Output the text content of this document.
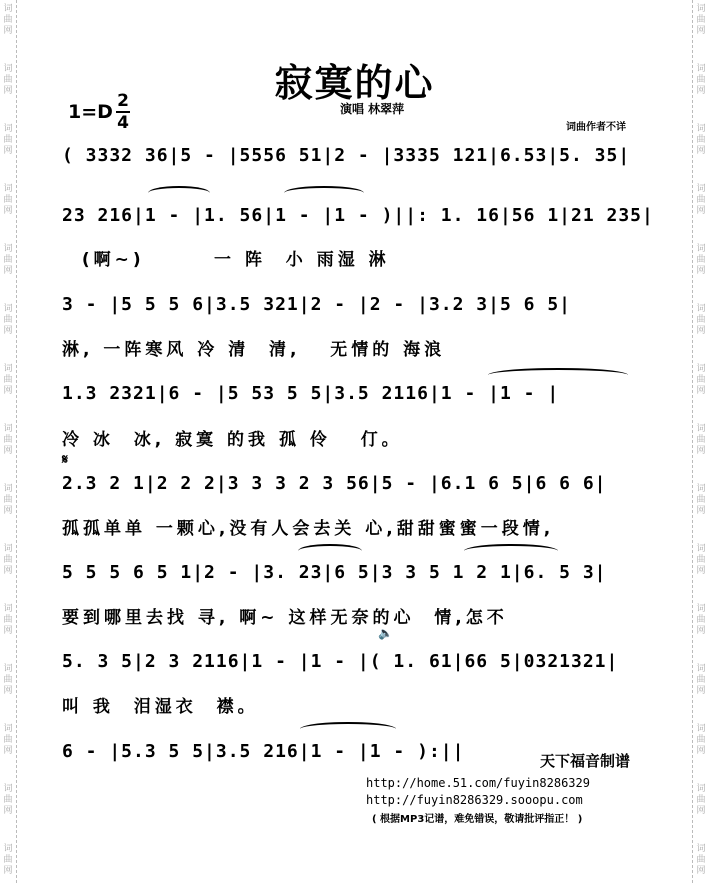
词
曲
网
词
曲
网
词
曲
网
词
曲
网
词
曲
网
词
曲
网
词
曲
网
词
曲
网
词
曲
网
词
曲
网
词
曲
网
词
曲
网
词
曲
网
词
曲
网
词
曲
网
词
曲
网
词
曲
网
词
曲
网
词
曲
网
词
曲
网
词
曲
网
词
曲
网
词
曲
网
词
曲
网
词
曲
网
词
曲
网
词
曲
网
词
曲
网
词
曲
网
词
曲
网
寂寞的心
1=D 2
4
演唱 林翠萍
词曲作者不详
( 3332 36|5 - |5556 51|2 - |3335 121|6.53|5. 35|
23 216|1 - |1. 56|1 - |1 - )||: 1. 16|56 1|21 235|
(啊~)       一 阵  小 雨湿 淋
3 - |5 5 5 6|3.5 321|2 - |2 - |3.2 3|5 6 5|
淋, 一阵寒风 冷 清  清,   无情的 海浪
1.3 2321|6 - |5 53 5 5|3.5 2116|1 - |1 - |
冷 冰  冰, 寂寞 的我 孤 伶   仃。
𝄋
2.3 2 1|2 2 2|3 3 3 2 3 56|5 - |6.1 6 5|6 6 6|
孤孤单单 一颗心,没有人会去关 心,甜甜蜜蜜一段情,
5 5 5 6 5 1|2 - |3. 23|6 5|3 3 5 1 2 1|6. 5 3|
要到哪里去找 寻, 啊~ 这样无奈的心  情,怎不
🔈
5. 3 5|2 3 2116|1 - |1 - |( 1. 61|66 5|0321321|
叫 我  泪湿衣  襟。
6 - |5.3 5 5|3.5 216|1 - |1 - ):||	天下福音制谱
http://home.51.com/fuyin8286329
http://fuyin8286329.sooopu.com
( 根据MP3记谱，难免错误，敬请批评指正！ )
